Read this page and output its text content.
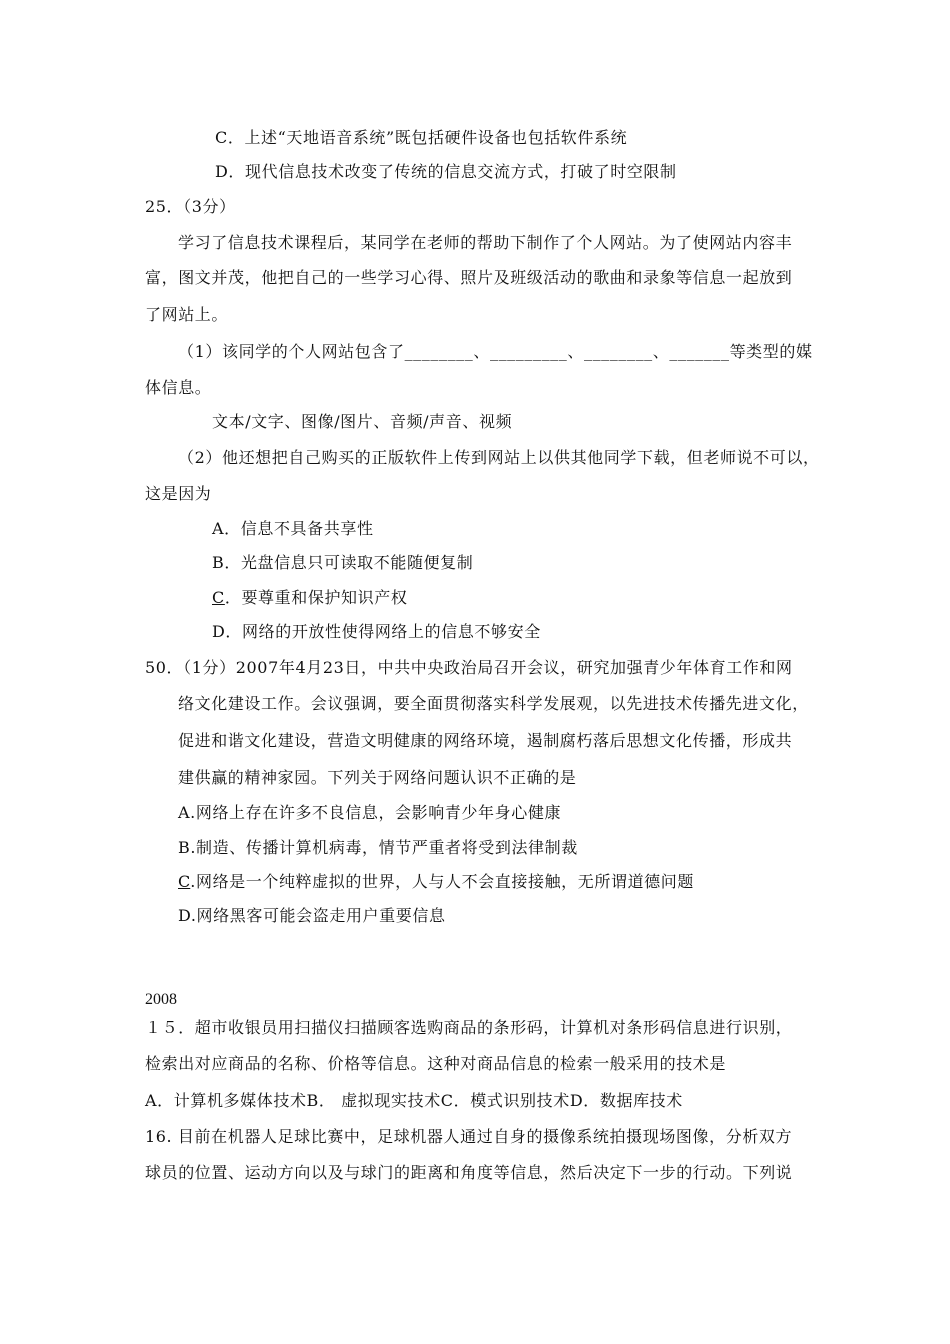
C．上述“天地语音系统”既包括硬件设备也包括软件系统
D．现代信息技术改变了传统的信息交流方式，打破了时空限制
25．（3分）
学习了信息技术课程后，某同学在老师的帮助下制作了个人网站。为了使网站内容丰
富，图文并茂，他把自己的一些学习心得、照片及班级活动的歌曲和录象等信息一起放到
了网站上。
（1）该同学的个人网站包含了________、_________、________、_______等类型的媒
体信息。
文本/文字、图像/图片、音频/声音、视频
（2）他还想把自己购买的正版软件上传到网站上以供其他同学下载，但老师说不可以，
这是因为
A．信息不具备共享性
B．光盘信息只可读取不能随便复制
C．要尊重和保护知识产权
D．网络的开放性使得网络上的信息不够安全
50．（1分）2007年4月23日，中共中央政治局召开会议，研究加强青少年体育工作和网
络文化建设工作。会议强调，要全面贯彻落实科学发展观，以先进技术传播先进文化，
促进和谐文化建设，营造文明健康的网络环境，遏制腐朽落后思想文化传播，形成共
建供赢的精神家园。下列关于网络问题认识不正确的是
A.网络上存在许多不良信息，会影响青少年身心健康
B.制造、传播计算机病毒，情节严重者将受到法律制裁
C.网络是一个纯粹虚拟的世界，人与人不会直接接触，无所谓道德问题
D.网络黑客可能会盗走用户重要信息
2008
１５．超市收银员用扫描仪扫描顾客选购商品的条形码，计算机对条形码信息进行识别，
检索出对应商品的名称、价格等信息。这种对商品信息的检索一般采用的技术是
A．计算机多媒体技术B． 虚拟现实技术C．模式识别技术D．数据库技术
16. 目前在机器人足球比赛中，足球机器人通过自身的摄像系统拍摄现场图像，分析双方
球员的位置、运动方向以及与球门的距离和角度等信息，然后决定下一步的行动。下列说
